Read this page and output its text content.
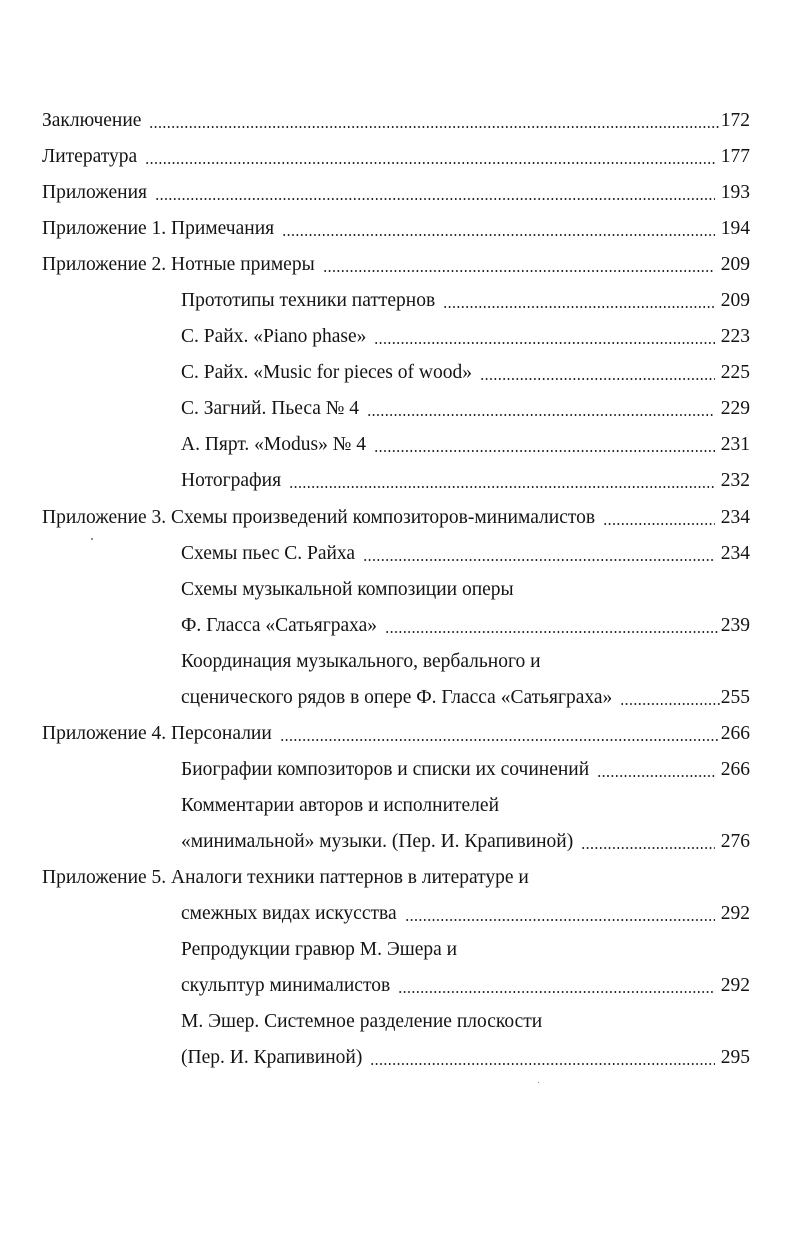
Заключение	172
Литература	177
Приложения	193
Приложение 1. Примечания	194
Приложение 2. Нотные примеры	209
Прототипы техники паттернов	209
С. Райх. «Piano phase»	223
С. Райх. «Music for pieces of wood»	225
С. Загний. Пьеса № 4	229
А. Пярт. «Modus» № 4	231
Нотография	232
Приложение 3. Схемы произведений композиторов-минималистов	234
Схемы пьес С. Райха	234
Схемы музыкальной композиции оперы
Ф. Гласса «Сатьяграха»	239
Координация музыкального, вербального и
сценического рядов в опере Ф. Гласса «Сатьяграха»	255
Приложение 4. Персоналии	266
Биографии композиторов и списки их сочинений	266
Комментарии авторов и исполнителей
«минимальной» музыки. (Пер. И. Крапивиной)	276
Приложение 5. Аналоги техники паттернов в литературе и
смежных видах искусства	292
Репродукции гравюр М. Эшера и
скульптур минималистов	292
М. Эшер. Системное разделение плоскости
(Пер. И. Крапивиной)	295
